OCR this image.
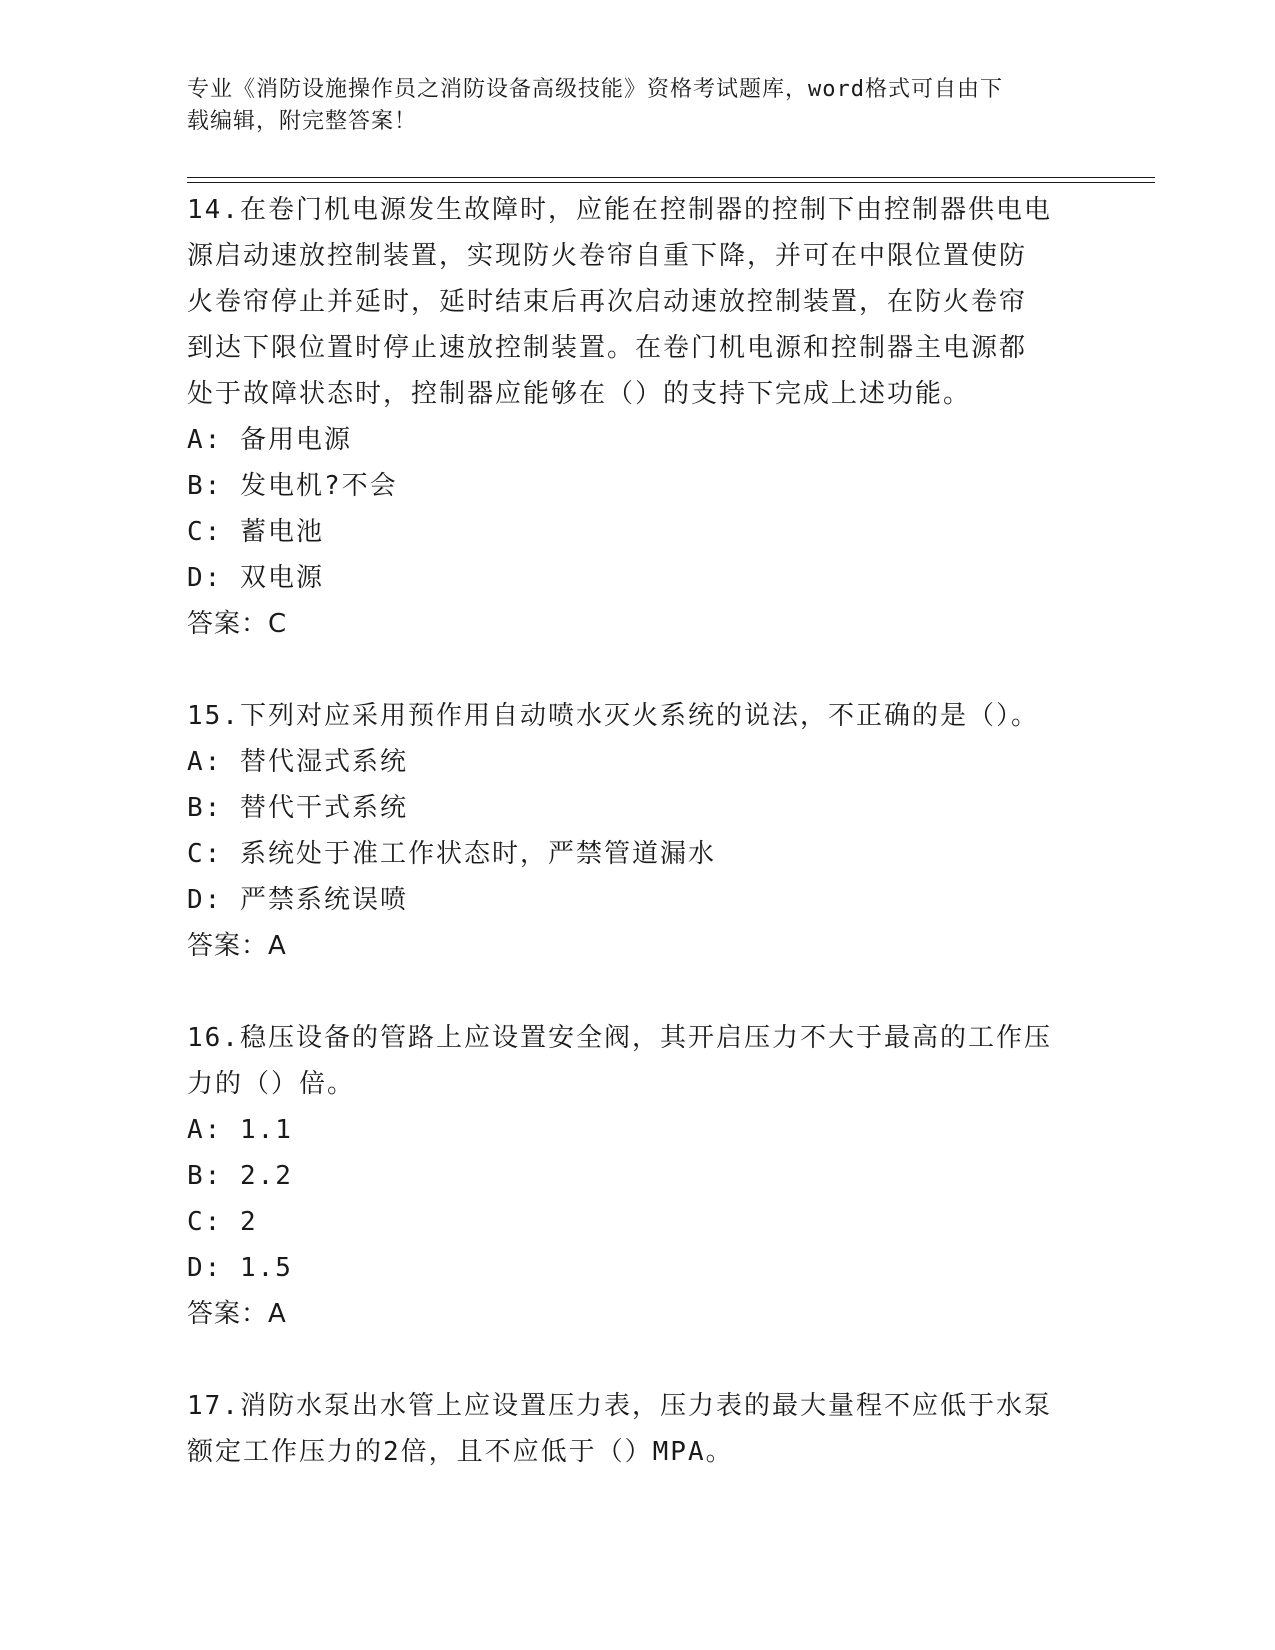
专业《消防设施操作员之消防设备高级技能》资格考试题库，word格式可自由下
载编辑，附完整答案！
14.在卷门机电源发生故障时，应能在控制器的控制下由控制器供电电
源启动速放控制装置，实现防火卷帘自重下降，并可在中限位置使防
火卷帘停止并延时，延时结束后再次启动速放控制装置，在防火卷帘
到达下限位置时停止速放控制装置。在卷门机电源和控制器主电源都
处于故障状态时，控制器应能够在（）的支持下完成上述功能。
A: 备用电源
B: 发电机?不会
C: 蓄电池
D: 双电源
答案：C
15.下列对应采用预作用自动喷水灭火系统的说法，不正确的是（）。
A: 替代湿式系统
B: 替代干式系统
C: 系统处于准工作状态时，严禁管道漏水
D: 严禁系统误喷
答案：A
16.稳压设备的管路上应设置安全阀，其开启压力不大于最高的工作压
力的（）倍。
A: 1.1
B: 2.2
C: 2
D: 1.5
答案：A
17.消防水泵出水管上应设置压力表，压力表的最大量程不应低于水泵
额定工作压力的2倍，且不应低于（）MPA。
